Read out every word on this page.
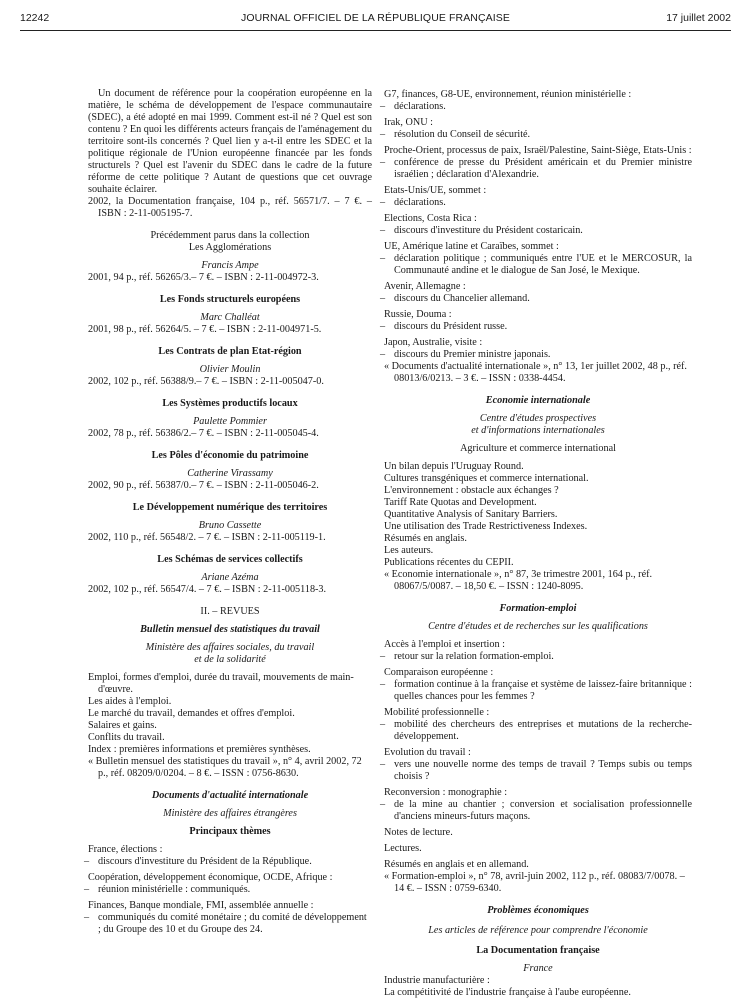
12242	JOURNAL OFFICIEL DE LA RÉPUBLIQUE FRANÇAISE	17 juillet 2002

Un document de référence pour la coopération européenne en la matière, le schéma de développement de l'espace communautaire (SDEC), a été adopté en mai 1999. Comment est-il né ? Quel est son contenu ? En quoi les différents acteurs français de l'aménagement du territoire sont-ils concernés ? Quel lien y a-t-il entre les SDEC et la politique régionale de l'Union européenne financée par les fonds structurels ? Quel est l'avenir du SDEC dans le cadre de la future réforme de cette politique ? Autant de questions que cet ouvrage souhaite éclairer.

2002, la Documentation française, 104 p., réf. 56571/7. – 7 €. – ISBN : 2-11-005195-7.

Précédemment parus dans la collection

Les Agglomérations

Francis Ampe

2001, 94 p., réf. 56265/3.– 7 €. – ISBN : 2-11-004972-3.

Les Fonds structurels européens

Marc Challéat

2001, 98 p., réf. 56264/5. – 7 €. – ISBN : 2-11-004971-5.

Les Contrats de plan Etat-région

Olivier Moulin

2002, 102 p., réf. 56388/9.– 7 €. – ISBN : 2-11-005047-0.

Les Systèmes productifs locaux

Paulette Pommier

2002, 78 p., réf. 56386/2.– 7 €. – ISBN : 2-11-005045-4.

Les Pôles d'économie du patrimoine

Catherine Virassamy

2002, 90 p., réf. 56387/0.– 7 €. – ISBN : 2-11-005046-2.

Le Développement numérique des territoires

Bruno Cassette

2002, 110 p., réf. 56548/2. – 7 €. – ISBN : 2-11-005119-1.

Les Schémas de services collectifs

Ariane Azéma

2002, 102 p., réf. 56547/4. – 7 €. – ISBN : 2-11-005118-3.

II. – REVUES

Bulletin mensuel des statistiques du travail

Ministère des affaires sociales, du travail

et de la solidarité

Emploi, formes d'emploi, durée du travail, mouvements de main-d'œuvre.

Les aides à l'emploi.

Le marché du travail, demandes et offres d'emploi.

Salaires et gains.

Conflits du travail.

Index : premières informations et premières synthèses.

« Bulletin mensuel des statistiques du travail », n° 4, avril 2002, 72 p., réf. 08209/0/0204. – 8 €. – ISSN : 0756-8630.

Documents d'actualité internationale

Ministère des affaires étrangères

Principaux thèmes

France, élections :

– discours d'investiture du Président de la République.

Coopération, développement économique, OCDE, Afrique :

– réunion ministérielle : communiqués.

Finances, Banque mondiale, FMI, assemblée annuelle :

– communiqués du comité monétaire ; du comité de développement ; du Groupe des 10 et du Groupe des 24.

G7, finances, G8-UE, environnement, réunion ministérielle :

– déclarations.

Irak, ONU :

– résolution du Conseil de sécurité.

Proche-Orient, processus de paix, Israël/Palestine, Saint-Siège, Etats-Unis :

– conférence de presse du Président américain et du Premier ministre israélien ; déclaration d'Alexandrie.

Etats-Unis/UE, sommet :

– déclarations.

Elections, Costa Rica :

– discours d'investiture du Président costaricain.

UE, Amérique latine et Caraïbes, sommet :

– déclaration politique ; communiqués entre l'UE et le MERCOSUR, la Communauté andine et le dialogue de San José, le Mexique.

Avenir, Allemagne :

– discours du Chancelier allemand.

Russie, Douma :

– discours du Président russe.

Japon, Australie, visite :

– discours du Premier ministre japonais.

« Documents d'actualité internationale », n° 13, 1er juillet 2002, 48 p., réf. 08013/6/0213. – 3 €. – ISSN : 0338-4454.

Economie internationale

Centre d'études prospectives

et d'informations internationales

Agriculture et commerce international

Un bilan depuis l'Uruguay Round.

Cultures transgéniques et commerce international.

L'environnement : obstacle aux échanges ?

Tariff Rate Quotas and Development.

Quantitative Analysis of Sanitary Barriers.

Une utilisation des Trade Restrictiveness Indexes.

Résumés en anglais.

Les auteurs.

Publications récentes du CEPII.

« Economie internationale », n° 87, 3e trimestre 2001, 164 p., réf. 08067/5/0087. – 18,50 €. – ISSN : 1240-8095.

Formation-emploi

Centre d'études et de recherches sur les qualifications

Accès à l'emploi et insertion :

– retour sur la relation formation-emploi.

Comparaison européenne :

– formation continue à la française et système de laissez-faire britannique : quelles chances pour les femmes ?

Mobilité professionnelle :

– mobilité des chercheurs des entreprises et mutations de la recherche-développement.

Evolution du travail :

– vers une nouvelle norme des temps de travail ? Temps subis ou temps choisis ?

Reconversion : monographie :

– de la mine au chantier ; conversion et socialisation professionnelle d'anciens mineurs-futurs maçons.

Notes de lecture.

Lectures.

Résumés en anglais et en allemand.

« Formation-emploi », n° 78, avril-juin 2002, 112 p., réf. 08083/7/0078. – 14 €. – ISSN : 0759-6340.

Problèmes économiques

Les articles de référence pour comprendre l'économie

La Documentation française

France

Industrie manufacturière :

La compétitivité de l'industrie française à l'aube européenne.
